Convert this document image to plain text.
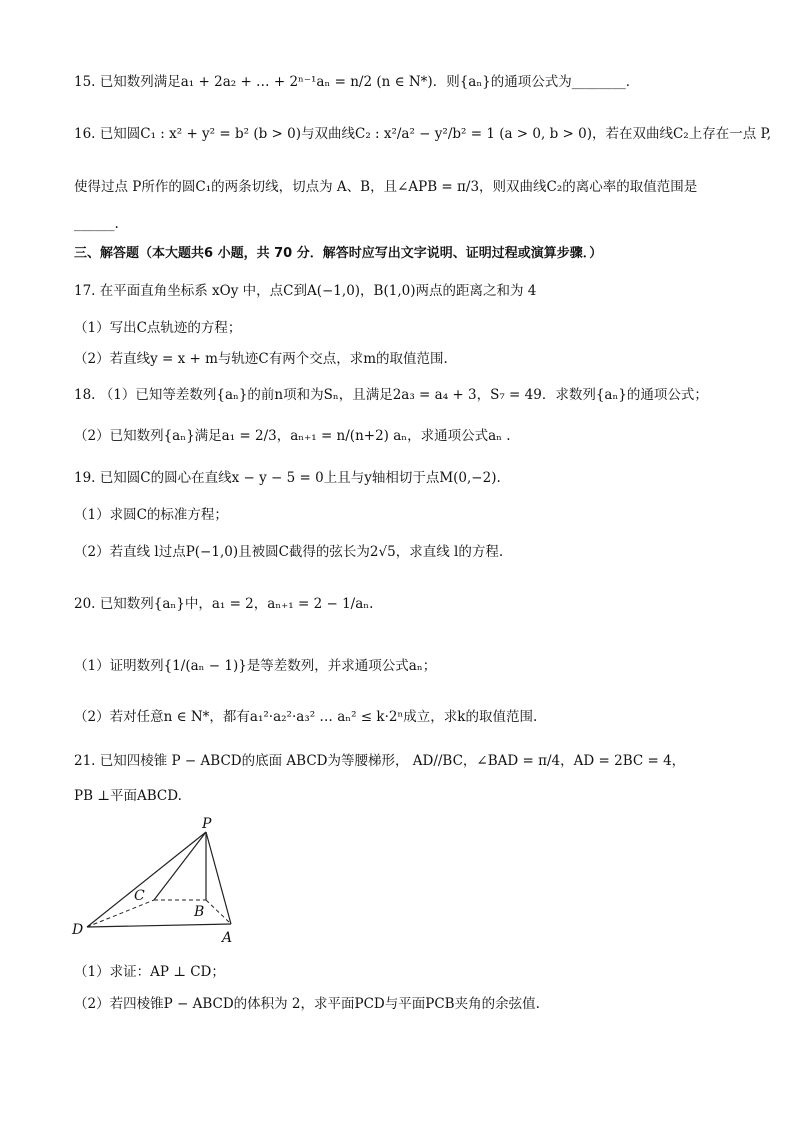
15. 已知数列满足a₁ + 2a₂ + … + 2ⁿ⁻¹aₙ = n/2 (n ∈ N*)．则{aₙ}的通项公式为________．
16. 已知圆C₁ : x² + y² = b² (b > 0)与双曲线C₂ : x²/a² − y²/b² = 1 (a > 0, b > 0)，若在双曲线C₂上存在一点 P,
使得过点 P所作的圆C₁的两条切线，切点为 A、B，且∠APB = π/3，则双曲线C₂的离心率的取值范围是
______.
三、解答题（本大题共6 小题，共 70 分．解答时应写出文字说明、证明过程或演算步骤．）
17. 在平面直角坐标系 xOy 中，点C到A(−1,0)，B(1,0)两点的距离之和为 4
（1）写出C点轨迹的方程；
（2）若直线y = x + m与轨迹C有两个交点，求m的取值范围.
18. （1）已知等差数列{aₙ}的前n项和为Sₙ，且满足2a₃ = a₄ + 3，S₇ = 49．求数列{aₙ}的通项公式；
（2）已知数列{aₙ}满足a₁ = 2/3，aₙ₊₁ = n/(n+2) aₙ，求通项公式aₙ .
19. 已知圆C的圆心在直线x − y − 5 = 0上且与y轴相切于点M(0,−2).
（1）求圆C的标准方程；
（2）若直线 l过点P(−1,0)且被圆C截得的弦长为2√5，求直线 l的方程.
20. 已知数列{aₙ}中，a₁ = 2，aₙ₊₁ = 2 − 1/aₙ.
（1）证明数列{1/(aₙ − 1)}是等差数列，并求通项公式aₙ；
（2）若对任意n ∈ N*，都有a₁²·a₂²·a₃² … aₙ² ≤ k·2ⁿ成立，求k的取值范围.
21. 已知四棱锥 P − ABCD的底面 ABCD为等腰梯形， AD//BC，∠BAD = π/4，AD = 2BC = 4，
PB ⊥平面ABCD.
P
C
B
D	A
（1）求证：AP ⊥ CD；
（2）若四棱锥P − ABCD的体积为 2，求平面PCD与平面PCB夹角的余弦值.
